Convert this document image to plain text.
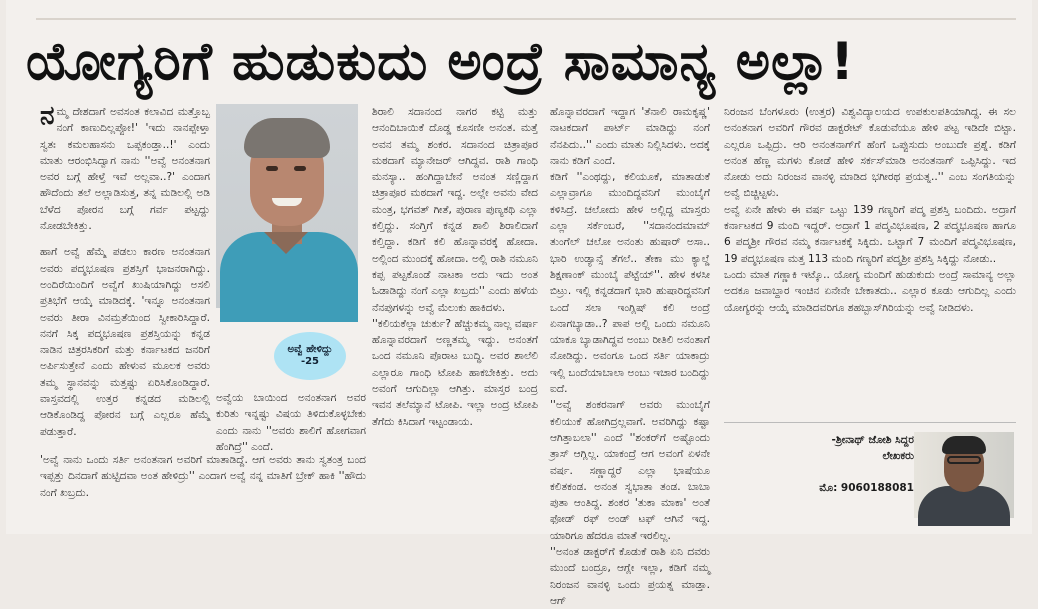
ಯೋಗ್ಯರಿಗೆ ಹುಡುಕುದು ಅಂದ್ರೆ ಸಾಮಾನ್ಯ ಅಲ್ಲಾ!

ನಮ್ಮ ದೇಶದಾಗೆ ಅವಸಂತ ಕಲಾವಿದ ಮತ್ತೊಬ್ಬ ನಂಗೆ ಕಾಣುದಿಲ್ಲಪ್ಪೋ!' 'ಇದು ನಾನಪ್ಪೇಳ್ತಾ ಸ್ವತಃ ಕಮಲಹಾಸನು ಒಪ್ಪಕಂಡ್ತಾ..!' ಎಂದು ಮಾತು ಆರಂಭಿಸಿದ್ವಾಗ ನಾನು ''ಅವ್ವೆ ಅನಂತನಾಗ ಅವರ ಬಗ್ಗೆ ಹೇಳ್ತೆ ಇವೆ ಅಲ್ಲವಾ..?' ಎಂದಾಗ ಹೌದೆಂದು ತಲೆ ಅಲ್ಲಾಡಿಸುತ್ತ, ತನ್ನ ಮಡಿಲಲ್ಲಿ ಅಡಿ ಬೆಳೆದ ಪೋರನ ಬಗ್ಗೆ ಗರ್ವ ಪಟ್ಟದ್ದು ನೋಡಬೇಕಿತ್ತು.

ಹಾಗೆ ಅವ್ವೆ ಹೆಮ್ಮೆ ಪಡಲು ಕಾರಣ ಅನಂತನಾಗ ಅವರು ಪದ್ಮಭೂಷಣ ಪ್ರಶಸ್ತಿಗೆ ಭಾಜನರಾಗಿದ್ದು. ಅಂದಿರೆಯಿಂದಿಗೆ ಅವ್ವೆಗೆ ಖುಷಿಯಾಗಿದ್ದು ಅಸಲಿ ಪ್ರತಿಭೆಗೆ ಆಯ್ಕೆ ಮಾಡಿದಕ್ಕೆ. 'ಇನ್ನೂ ಅನಂತನಾಗ ಅವರು ತೀರಾ ವಿನಮ್ರತೆಯಿಂದ ಸ್ವೀಕಾರಿಸಿದ್ದಾರೆ. ನನಗೆ ಸಿಕ್ಕ ಪದ್ಮಭೂಷಣ ಪ್ರಶಸ್ತಿಯನ್ನು ಕನ್ನಡ ನಾಡಿನ ಚಿತ್ರರಸಿಕರಿಗೆ ಮತ್ತು ಕರ್ನಾಟಕದ ಜನರಿಗೆ ಅರ್ಪಿಸುತ್ತೇನೆ ಎಂದು ಹೇಳುವ ಮೂಲಕ ಅವರು ತಮ್ಮ ಸ್ಥಾನವನ್ನು ಮತ್ತಷ್ಟು ಏರಿಸಿಕೊಂಡಿದ್ದಾರೆ. ವಾಸ್ತವದಲ್ಲಿ ಉತ್ತರ ಕನ್ನಡದ ಮಡಿಲಲ್ಲಿ ಆಡಿಕೊಂಡಿದ್ದ ಪೋರನ ಬಗ್ಗೆ ಎಲ್ಲರೂ ಹೆಮ್ಮೆ ಪಡುತ್ತಾರೆ.

ಅವ್ವೆ ಹೇಳಿದ್ದು -25

'ಅವ್ವೆ ನಾನು ಒಂದು ಸರ್ತಿ ಅನಂತನಾಗ ಅವರಿಗೆ ಮಾತಾಡಿದ್ದೆ. ಆಗ ಅವರು ತಾನು ಸ್ವತಂತ್ರ ಬಂದ ಇಪ್ಪತ್ತು ದಿನದಾಗೆ ಹುಟ್ಟಿದವಾ ಅಂತ ಹೇಳಿದ್ರು'' ಎಂದಾಗ ಅವ್ವೆ ನನ್ನ ಮಾತಿಗೆ ಬ್ರೇಕ್ ಹಾಕಿ ''ಹೌದು ನಂಗೆ ಖಬ್ರದು.

ಅವ್ವೆಯ ಬಾಯಿಂದ ಅನಂತನಾಗ ಅವರ ಕುರಿತು ಇನ್ನಷ್ಟು ವಿಷಯ ತಿಳಿದುಕೊಳ್ಳಬೇಕು ಎಂದು ನಾನು ''ಅವರು ಶಾಲಿಗೆ ಹೋಗವಾಗ ಹೆಂಗಿದ್ರೆ'' ಎಂದೆ.

ಶಿರಾಲಿ ಸದಾನಂದ ನಾಗರ ಕಟ್ಟಿ ಮತ್ತು ಆನಂದಿಬಾಯಿಕೆ ದೊಡ್ಡ ಕೂಸಣೀ ಅನಂತ. ಮತ್ತೆ ಅವನ ತಮ್ಮ ಶಂಕರ. ಸದಾನಂದ ಚಿತ್ರಾಪೂರ ಮಠದಾಗೆ ಮ್ಯಾನೇಜರ್ ಆಗಿದ್ದವ. ರಾಶಿ ಗಾಂಧಿ ಮನಸ್ಯಾ.. ಹಂಗಿದ್ದಾಬೇನೆ ಅನಂತ ಸಣ್ಣಿದ್ದಾಗ ಚಿತ್ರಾಪೂರ ಮಠದಾಗೆ ಇದ್ದ. ಅಲ್ಲೇ ಅವನು ವೇದ ಮಂತ್ರ, ಭಗವತ್ ಗೀತೆ, ಪುರಾಣ ಪುಣ್ಯಕಥಿ ಎಲ್ಲಾ ಕಲ್ತಿದ್ದು. ಸಂಗ್ತಿಗೆ ಕನ್ನಡ ಶಾಲಿ ಶಿರಾಲಿದಾಗೆ ಕಲ್ತಿದ್ದಾ. ಕಡಿಗೆ ಕಲಿ ಹೊನ್ನಾವರಕ್ಕೆ ಹೋದಾ. ಅಲ್ಲಿಂದ ಮುಂದಕ್ಕೆ ಹೋದಾ. ಅಲ್ಲಿ ರಾಶಿ ನಮೂನಿ ಕಪ್ಪ ಪಟ್ಟಕೊಂಡೆ ನಾಟಕಾ ಅದು ಇದು ಅಂತ ಓಡಾಡಿದ್ದು ನಂಗೆ ಎಲ್ಲಾ ಖಬ್ರದು'' ಎಂದು ಹಳೆಯ ನೆನಪುಗಳನ್ನು ಅವ್ವೆ ಮೆಲುಕು ಹಾಕಿದಳು.

''ಕಲಿಯಕೆಲ್ಲಾ ಚುರ್ಕು? ಹೆಚ್ಚುಕಮ್ಮ ನಾಲ್ಲ ವರ್ಷಾ ಹೊನ್ನಾವರದಾಗೆ ಅಣ್ಣತಮ್ಮ ಇದ್ದು. ಅನಂತಗೆ ಒಂದ ನಮೂನಿ ಪೊರಾಟ ಬುದ್ಧಿ. ಅವರ ಶಾಲೆಲಿ ಎಲ್ಲಾರೂ ಗಾಂಧಿ ಟೋಪಿ ಹಾಕಬೇಕಿತ್ತು. ಅದು ಅವಂಗೆ ಆಗುದಿಲ್ಲಾ ಆಗಿತ್ತು. ಮಾಸ್ತರ ಬಂದ್ರ ಇವನ ತಲೆಮ್ಯಾನೆ ಟೋಪಿ. ಇಲ್ಲಾ ಅಂದ್ರ ಟೋಪಿ ತೆಗೆದು ಕಿಸಿದಾಗೆ ಇಟ್ಟಂಡಾಯ.

ಹೊನ್ನಾವರದಾಗೆ ಇದ್ದಾಗ 'ತೆನಾಲಿ ರಾಮಕೃಷ್ಣ' ನಾಟಕದಾಗೆ ಪಾರ್ಟ್ ಮಾಡಿದ್ದು ನಂಗೆ ನೆನಪಿದು..'' ಎಂದು ಮಾತು ನಿಲ್ಲಿಸಿದಳು. ಅದಕ್ಕೆ ನಾನು ಕಡಿಗೆ ಎಂದೆ.

ಕಡಿಗೆ ''ಎಂಥದ್ದು, ಕಲಿಯೂಕೆ, ಮಾತಾಡುಕೆ ಎಲ್ಲಾವ್ರಾಗೂ ಮುಂದಿದ್ದವನಿಗೆ ಮುಂಬೈಗೆ ಕಳಿಸಿದ್ರೆ. ಚಲೋದು ಹೇಳ ಅಲ್ಲಿದ್ದ ಮಾಸ್ತರು ಎಲ್ಲಾ ಸರ್ಕೆಂಬರೆ, ''ಸದಾನಂದಮಾಮ್ ತುಂಗೆಲ್ ಚಲೋ ಅನಂತು ಹುಷಾರ್ ಅಸಾ.. ಭಾರಿ ಉಡ್ಯಾನ್ಸೆ ತೆಗಲೆ.. ತೇಕಾ ಮು ಕ್ಯಾಲ್ಡೆ ಶಿಕ್ಷಣಾಂಕ್ ಮುಂಬೈ ಪೆಟ್ಟೆಯ್''. ಹೇಳ ಕಳಸೀ ಬಿಟ್ರು. ಇಲ್ಲಿ ಕನ್ನಡದಾಗೆ ಭಾರಿ ಹುಷಾರಿದ್ದವನಿಗೆ ಒಂದೆ ಸಲಾ ಇಂಗ್ಲಿಷ್ ಕಲಿ ಅಂದ್ರೆ ಏನಾಗಬ್ಯಾಡಾ..? ಪಾಪ ಅಲ್ಲಿ ಒಂದು ನಮೂನಿ ಯಾಕೂ ಬ್ಯಾಡಾಗಿದ್ದವ ಅಂಬು ರೀತಿಲಿ ಅನಂತಾಗೆ ನೋಡಿದ್ದು. ಅವಂಗೂ ಒಂದ ಸರ್ತಿ ಯಾಕಾದ್ರು ಇಲ್ಲಿ ಬಂದೆಯಾಬಾಲಾ ಅಂಬು ಇಚಾರ ಬಂದಿದ್ದು ಐದೆ.

''ಅವ್ವೆ ಶಂಕರನಾಗ್ ಅವರು ಮುಂಬೈಗೆ ಕಲಿಯುಕೆ ಹೋಗಿದ್ರಲ್ಲವಾಗೆ. ಅವರಿಗಿದ್ದು ಕಷ್ಟಾ ಆಗಿತ್ತಾಬಲಾ'' ಎಂದೆ ''ಶಂಕರ್‌ಗೆ ಅಷ್ಟೊಂದು ತ್ರಾಸ್ ಆಗ್ಲಿಲ್ಲ. ಯಾಕಂದ್ರೆ ಆಗ ಅವಂಗೆ ಏಳನೇ ವರ್ಷ. ಸಣ್ಣಾದ್ದರೆ ಎಲ್ಲಾ ಭಾಷೆಯೂ ಕಲಿತಕಂಡ. ಅನಂತ ಸ್ವಭಾತಾ ತಂಡ. ಬಾಬಾ ಪುತಾ ಆಂತಿದ್ದ. ಶಂಕರ 'ತುಕಾ ಮಾಕಾ' ಅಂತೆ ಫೋಡ್ ರಫ್ ಅಂಡ್ ಟಫ್ ಆಗಿನೆ ಇದ್ದ. ಯಾರಿಗೂ ಹೆದರೂ ಮಾತೆ ಇರಲಿಲ್ಲ.

''ಅನಂತ ಡಾಕ್ಟರ್‌ಗೆ ಕೊಡುಕೆ ರಾಶಿ ಏನಿ ದವರು ಮುಂದೆ ಬಂದ್ರೂ, ಆಗ್ಲೇ ಇಲ್ಲಾ, ಕಡಿಗೆ ನಮ್ಮ ನಿರಂಜನ ವಾನಳ್ಳಿ ಒಂದು ಪ್ರಯತ್ನ ಮಾಡ್ತಾ. ಆಗ್

ನಿರಂಜನ ಬೆಂಗಳೂರು (ಉತ್ತರ) ವಿಶ್ವವಿದ್ಯಾಲಯದ ಉಪಕುಲಪತಿಯಾಗಿದ್ದ. ಈ ಸಲ ಅನಂತನಾಗ ಅವರಿಗೆ ಗೌರವ ಡಾಕ್ಟರೇಟ್ ಕೊಡುವೆಯೂ ಹೇಳಿ ಪಟ್ಟ ಇಡಿದೇ ಬಿಟ್ಟಾ. ಎಲ್ಲರೂ ಒಪ್ಪಿದ್ರು. ಆರಿ ಅನಂತನಾಗ್‌ಗೆ ಹೆಂಗೆ ಒಪ್ಪುಸುದು ಅಂಬುದೇ ಪ್ರಶ್ನೆ. ಕಡಿಗೆ ಅನಂತ ಹೆಣ್ಣ ಮಗಳು ಕೋಡೆ ಹೇಳಿ ಸರ್ಕಸ್‌ಮಾಡಿ ಅನಂತನಾಗ್ ಒಪ್ಪಿಸಿದ್ದು. ಇದ ನೋಡು ಅದು ನಿರಂಜನ ವಾನಳ್ಳಿ ಮಾಡಿದ ಭಗೀರಥ ಪ್ರಯತ್ನ..'' ಎಂಬ ಸಂಗತಿಯನ್ನು ಅವ್ವೆ ಬಿಚ್ಚಿಟ್ಟಳು.

ಅವ್ವೆ ಏನೇ ಹೇಳು ಈ ವರ್ಷ ಒಟ್ಟು 139 ಗಣ್ಯರಿಗೆ ಪದ್ಮ ಪ್ರಶಸ್ತಿ ಬಂದಿದು. ಅದ್ರಾಗೆ ಕರ್ನಾಟಕದ 9 ಮಂದಿ ಇದ್ದರ್. ಅದ್ರಾಗೆ 1 ಪದ್ಮವಿಭೂಷಣ, 2 ಪದ್ಮಭೂಷಣ ಹಾಗೂ 6 ಪದ್ಮಶ್ರೀ ಗೌರವ ನಮ್ಮ ಕರ್ನಾಟಕಕ್ಕೆ ಸಿಕ್ಕಿದು. ಒಟ್ಟಾಗೆ 7 ಮಂದಿಗೆ ಪದ್ಮವಿಭೂಷಣ, 19 ಪದ್ಮಭೂಷಣ ಮತ್ತ 113 ಮಂದಿ ಗಣ್ಯರಿಗೆ ಪದ್ಮಶ್ರೀ ಪ್ರಶಸ್ತಿ ಸಿಕ್ಕಿದ್ದು ನೋಡು..

ಒಂದು ಮಾತ ಗಣ್ಣಾಕಿ ಇಟ್ಕೊ.. ಯೋಗ್ಯ ಮಂದಿಗೆ ಹುಡುಕುದು ಅಂದ್ರೆ ಸಾಮಾನ್ಯ ಅಲ್ಲಾ ಅದಕೂ ಜವಾಬ್ದಾರ ಇಂಚಿನ ಏನೇನೇ ಬೇಕಾತದು.. ಎಲ್ಲಾರ ಕೂಡು ಆಗುದಿಲ್ಲ ಎಂದು ಯೋಗ್ಯರನ್ನು ಆಯ್ಕೆ ಮಾಡಿದವರಿಗೂ ಶಹಬ್ಬಾಸ್‌ಗಿರಿಯನ್ನು ಅವ್ವೆ ನೀಡಿದಳು.

-ಶ್ರೀನಾಥ್ ಜೋಶಿ ಸಿದ್ದರ
ಲೇಖಕರು
ಮೊ: 9060188081
